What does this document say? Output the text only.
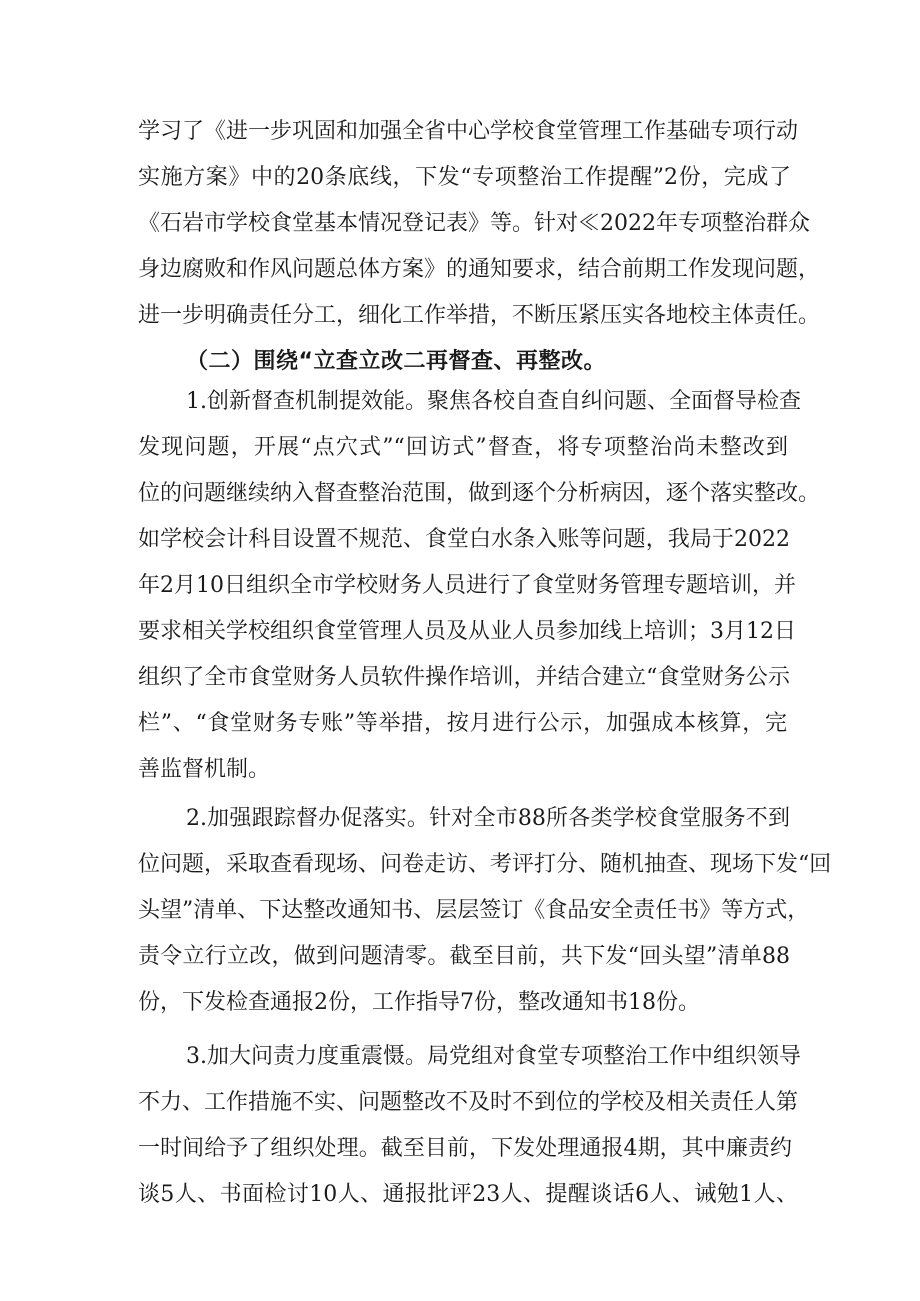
学习了《进一步巩固和加强全省中心学校食堂管理工作基础专项行动
实施方案》中的20条底线，下发“专项整治工作提醒”2份，完成了
《石岩市学校食堂基本情况登记表》等。针对≪2022年专项整治群众
身边腐败和作风问题总体方案》的通知要求，结合前期工作发现问题，
进一步明确责任分工，细化工作举措，不断压紧压实各地校主体责任。
（二）围绕“立查立改二再督查、再整改。
1.创新督查机制提效能。聚焦各校自查自纠问题、全面督导检查
发现问题，开展“点穴式”“回访式”督查，将专项整治尚未整改到
位的问题继续纳入督查整治范围，做到逐个分析病因，逐个落实整改。
如学校会计科目设置不规范、食堂白水条入账等问题，我局于2022
年2月10日组织全市学校财务人员进行了食堂财务管理专题培训，并
要求相关学校组织食堂管理人员及从业人员参加线上培训；3月12日
组织了全市食堂财务人员软件操作培训，并结合建立“食堂财务公示
栏”、“食堂财务专账”等举措，按月进行公示，加强成本核算，完
善监督机制。
2.加强跟踪督办促落实。针对全市88所各类学校食堂服务不到
位问题，采取查看现场、问卷走访、考评打分、随机抽查、现场下发“回
头望”清单、下达整改通知书、层层签订《食品安全责任书》等方式，
责令立行立改，做到问题清零。截至目前，共下发“回头望”清单88
份，下发检查通报2份，工作指导7份，整改通知书18份。
3.加大问责力度重震慑。局党组对食堂专项整治工作中组织领导
不力、工作措施不实、问题整改不及时不到位的学校及相关责任人第
一时间给予了组织处理。截至目前，下发处理通报4期，其中廉责约
谈5人、书面检讨10人、通报批评23人、提醒谈话6人、诫勉1人、
